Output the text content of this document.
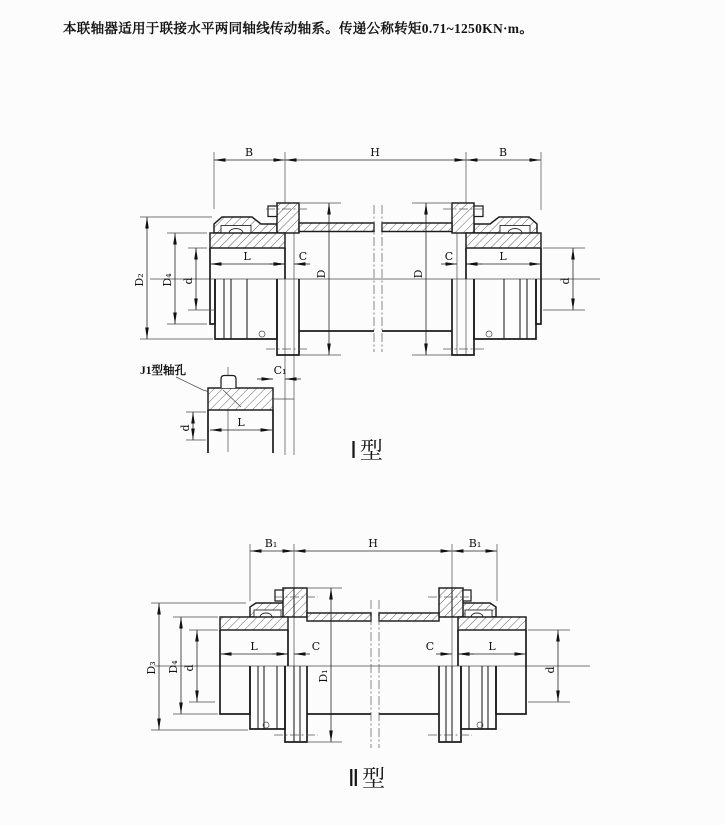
本联轴器适用于联接水平两同轴线传动轴系。传递公称转矩0.71~1250KN·m。
B	H	B
D₂ D₄ d
L	C	L
C
D	D
d
J1型轴孔
L
d
C₁
Ⅰ型
B₁	H	B₁
D₃ D₄ d
L	C	L
C
D₁	d
Ⅱ型
